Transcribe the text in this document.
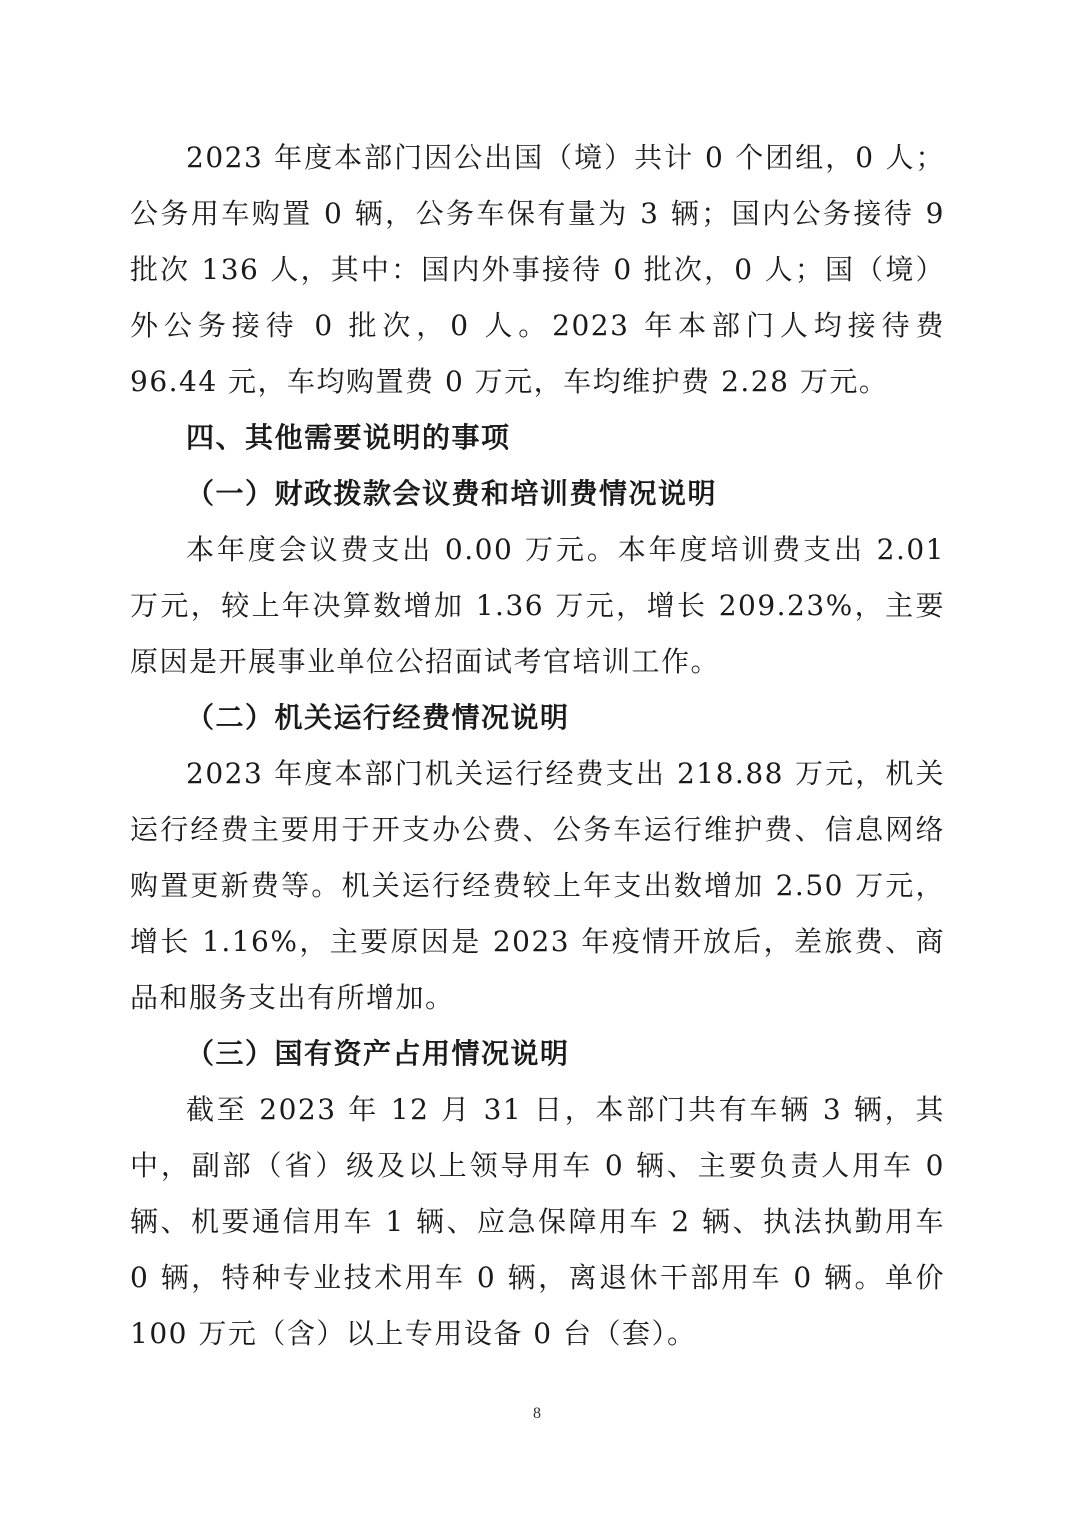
2023 年度本部门因公出国（境）共计 0 个团组，0 人；公务用车购置 0 辆，公务车保有量为 3 辆；国内公务接待 9 批次 136 人，其中：国内外事接待 0 批次，0 人；国（境）外公务接待 0 批次，0 人。2023 年本部门人均接待费 96.44 元，车均购置费 0 万元，车均维护费 2.28 万元。

四、其他需要说明的事项

（一）财政拨款会议费和培训费情况说明

本年度会议费支出 0.00 万元。本年度培训费支出 2.01 万元，较上年决算数增加 1.36 万元，增长 209.23%，主要原因是开展事业单位公招面试考官培训工作。

（二）机关运行经费情况说明

2023 年度本部门机关运行经费支出 218.88 万元，机关运行经费主要用于开支办公费、公务车运行维护费、信息网络购置更新费等。机关运行经费较上年支出数增加 2.50 万元，增长 1.16%，主要原因是 2023 年疫情开放后，差旅费、商品和服务支出有所增加。

（三）国有资产占用情况说明

截至 2023 年 12 月 31 日，本部门共有车辆 3 辆，其中，副部（省）级及以上领导用车 0 辆、主要负责人用车 0 辆、机要通信用车 1 辆、应急保障用车 2 辆、执法执勤用车 0 辆，特种专业技术用车 0 辆，离退休干部用车 0 辆。单价 100 万元（含）以上专用设备 0 台（套）。

8
